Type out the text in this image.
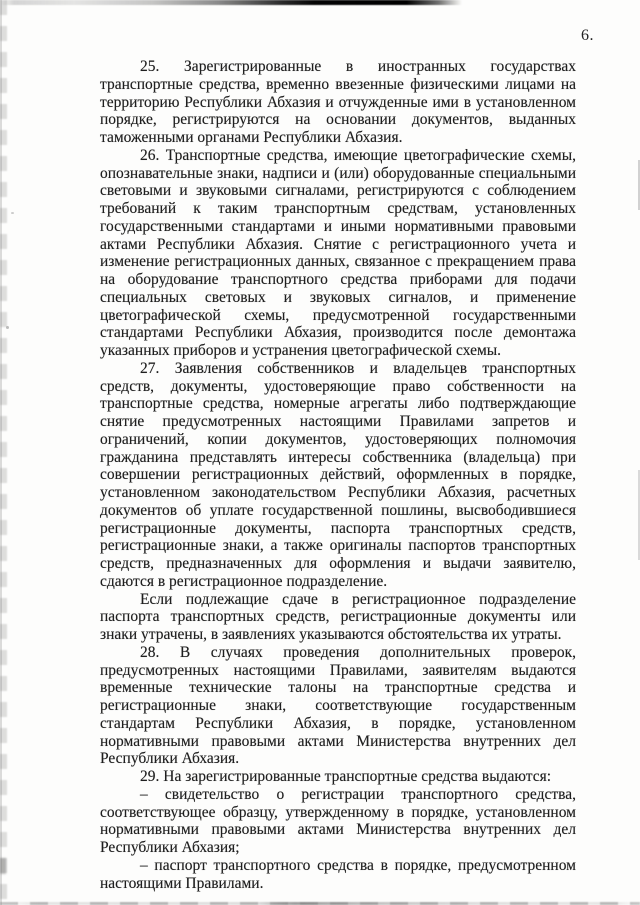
6.

25. Зарегистрированные в иностранных государствах транспортные средства, временно ввезенные физическими лицами на территорию Республики Абхазия и отчужденные ими в установленном порядке, регистрируются на основании документов, выданных таможенными органами Республики Абхазия.

26. Транспортные средства, имеющие цветографические схемы, опознавательные знаки, надписи и (или) оборудованные специальными световыми и звуковыми сигналами, регистрируются с соблюдением требований к таким транспортным средствам, установленных государственными стандартами и иными нормативными правовыми актами Республики Абхазия. Снятие с регистрационного учета и изменение регистрационных данных, связанное с прекращением права на оборудование транспортного средства приборами для подачи специальных световых и звуковых сигналов, и применение цветографической схемы, предусмотренной государственными стандартами Республики Абхазия, производится после демонтажа указанных приборов и устранения цветографической схемы.

27. Заявления собственников и владельцев транспортных средств, документы, удостоверяющие право собственности на транспортные средства, номерные агрегаты либо подтверждающие снятие предусмотренных настоящими Правилами запретов и ограничений, копии документов, удостоверяющих полномочия гражданина представлять интересы собственника (владельца) при совершении регистрационных действий, оформленных в порядке, установленном законодательством Республики Абхазия, расчетных документов об уплате государственной пошлины, высвободившиеся регистрационные документы, паспорта транспортных средств, регистрационные знаки, а также оригиналы паспортов транспортных средств, предназначенных для оформления и выдачи заявителю, сдаются в регистрационное подразделение.

Если подлежащие сдаче в регистрационное подразделение паспорта транспортных средств, регистрационные документы или знаки утрачены, в заявлениях указываются обстоятельства их утраты.

28. В случаях проведения дополнительных проверок, предусмотренных настоящими Правилами, заявителям выдаются временные технические талоны на транспортные средства и регистрационные знаки, соответствующие государственным стандартам Республики Абхазия, в порядке, установленном нормативными правовыми актами Министерства внутренних дел Республики Абхазия.

29. На зарегистрированные транспортные средства выдаются:

– свидетельство о регистрации транспортного средства, соответствующее образцу, утвержденному в порядке, установленном нормативными правовыми актами Министерства внутренних дел Республики Абхазия;

– паспорт транспортного средства в порядке, предусмотренном настоящими Правилами.
